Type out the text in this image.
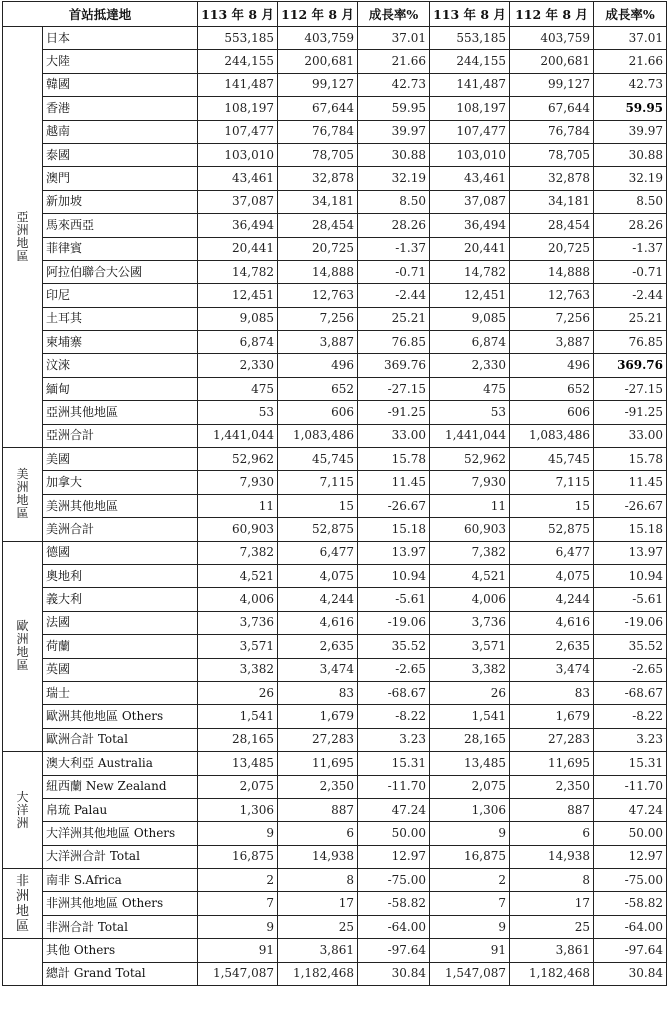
首站抵達地		113 年 8 月	112 年 8 月	成長率%	113 年 8 月	112 年 8 月	成長率%
亞洲地區	日本	553,185	403,759	37.01	553,185	403,759	37.01
	大陸	244,155	200,681	21.66	244,155	200,681	21.66
	韓國	141,487	99,127	42.73	141,487	99,127	42.73
	香港	108,197	67,644	59.95	108,197	67,644	59.95
	越南	107,477	76,784	39.97	107,477	76,784	39.97
	泰國	103,010	78,705	30.88	103,010	78,705	30.88
	澳門	43,461	32,878	32.19	43,461	32,878	32.19
	新加坡	37,087	34,181	8.50	37,087	34,181	8.50
	馬來西亞	36,494	28,454	28.26	36,494	28,454	28.26
	菲律賓	20,441	20,725	-1.37	20,441	20,725	-1.37
	阿拉伯聯合大公國	14,782	14,888	-0.71	14,782	14,888	-0.71
	印尼	12,451	12,763	-2.44	12,451	12,763	-2.44
	土耳其	9,085	7,256	25.21	9,085	7,256	25.21
	柬埔寨	6,874	3,887	76.85	6,874	3,887	76.85
	汶淶	2,330	496	369.76	2,330	496	369.76
	緬甸	475	652	-27.15	475	652	-27.15
	亞洲其他地區	53	606	-91.25	53	606	-91.25
	亞洲合計	1,441,044	1,083,486	33.00	1,441,044	1,083,486	33.00
美洲地區	美國	52,962	45,745	15.78	52,962	45,745	15.78
	加拿大	7,930	7,115	11.45	7,930	7,115	11.45
	美洲其他地區	11	15	-26.67	11	15	-26.67
	美洲合計	60,903	52,875	15.18	60,903	52,875	15.18
歐洲地區	德國	7,382	6,477	13.97	7,382	6,477	13.97
	奧地利	4,521	4,075	10.94	4,521	4,075	10.94
	義大利	4,006	4,244	-5.61	4,006	4,244	-5.61
	法國	3,736	4,616	-19.06	3,736	4,616	-19.06
	荷蘭	3,571	2,635	35.52	3,571	2,635	35.52
	英國	3,382	3,474	-2.65	3,382	3,474	-2.65
	瑞士	26	83	-68.67	26	83	-68.67
	歐洲其他地區 Others	1,541	1,679	-8.22	1,541	1,679	-8.22
	歐洲合計 Total	28,165	27,283	3.23	28,165	27,283	3.23
大洋洲	澳大利亞 Australia	13,485	11,695	15.31	13,485	11,695	15.31
	紐西蘭 New Zealand	2,075	2,350	-11.70	2,075	2,350	-11.70
	帛琉 Palau	1,306	887	47.24	1,306	887	47.24
	大洋洲其他地區 Others	9	6	50.00	9	6	50.00
	大洋洲合計 Total	16,875	14,938	12.97	16,875	14,938	12.97
非洲地區	南非 S.Africa	2	8	-75.00	2	8	-75.00
	非洲其他地區 Others	7	17	-58.82	7	17	-58.82
	非洲合計 Total	9	25	-64.00	9	25	-64.00
	其他 Others	91	3,861	-97.64	91	3,861	-97.64
	總計 Grand Total	1,547,087	1,182,468	30.84	1,547,087	1,182,468	30.84
